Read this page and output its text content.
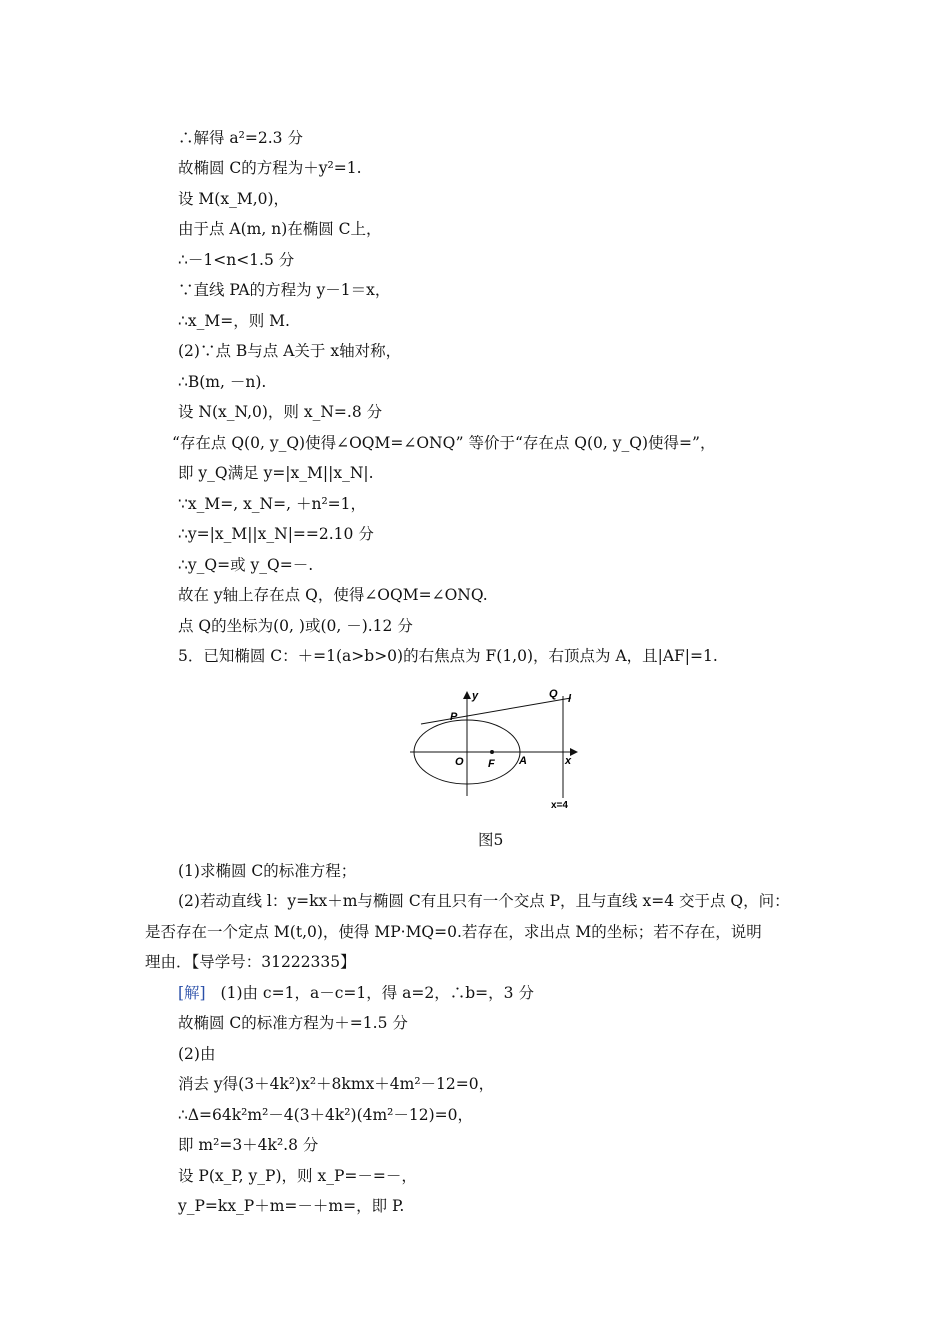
∴解得 a²=2.3 分
故椭圆 C的方程为＋y²=1.
设 M(x_M,0)，
由于点 A(m, n)在椭圆 C上，
∴－1<n<1.5 分
∵直线 PA的方程为 y－1＝x，
∴x_M=，则 M.
(2)∵点 B与点 A关于 x轴对称，
∴B(m, －n).
设 N(x_N,0)，则 x_N=.8 分
“存在点 Q(0, y_Q)使得∠OQM=∠ONQ” 等价于“存在点 Q(0, y_Q)使得=”，
即 y_Q满足 y=|x_M||x_N|.
∵x_M=, x_N=, ＋n²=1，
∴y=|x_M||x_N|==2.10 分
∴y_Q=或 y_Q=－.
故在 y轴上存在点 Q，使得∠OQM=∠ONQ.
点 Q的坐标为(0, )或(0, －).12 分
5．已知椭圆 C：＋=1(a>b>0)的右焦点为 F(1,0)，右顶点为 A，且|AF|=1.
y	Q l
P
O F A	x
x=4
图5
(1)求椭圆 C的标准方程；
(2)若动直线 l：y=kx＋m与椭圆 C有且只有一个交点 P，且与直线 x=4 交于点 Q，问：
是否存在一个定点 M(t,0)，使得 MP·MQ=0.若存在，求出点 M的坐标；若不存在，说明
理由．【导学号：31222335】
[解] (1)由 c=1，a－c=1，得 a=2，∴b=，3 分
故椭圆 C的标准方程为＋=1.5 分
(2)由
消去 y得(3＋4k²)x²＋8kmx＋4m²－12=0，
∴Δ=64k²m²－4(3＋4k²)(4m²－12)=0，
即 m²=3＋4k².8 分
设 P(x_P, y_P)，则 x_P=－=－，
y_P=kx_P＋m=－＋m=，即 P.
